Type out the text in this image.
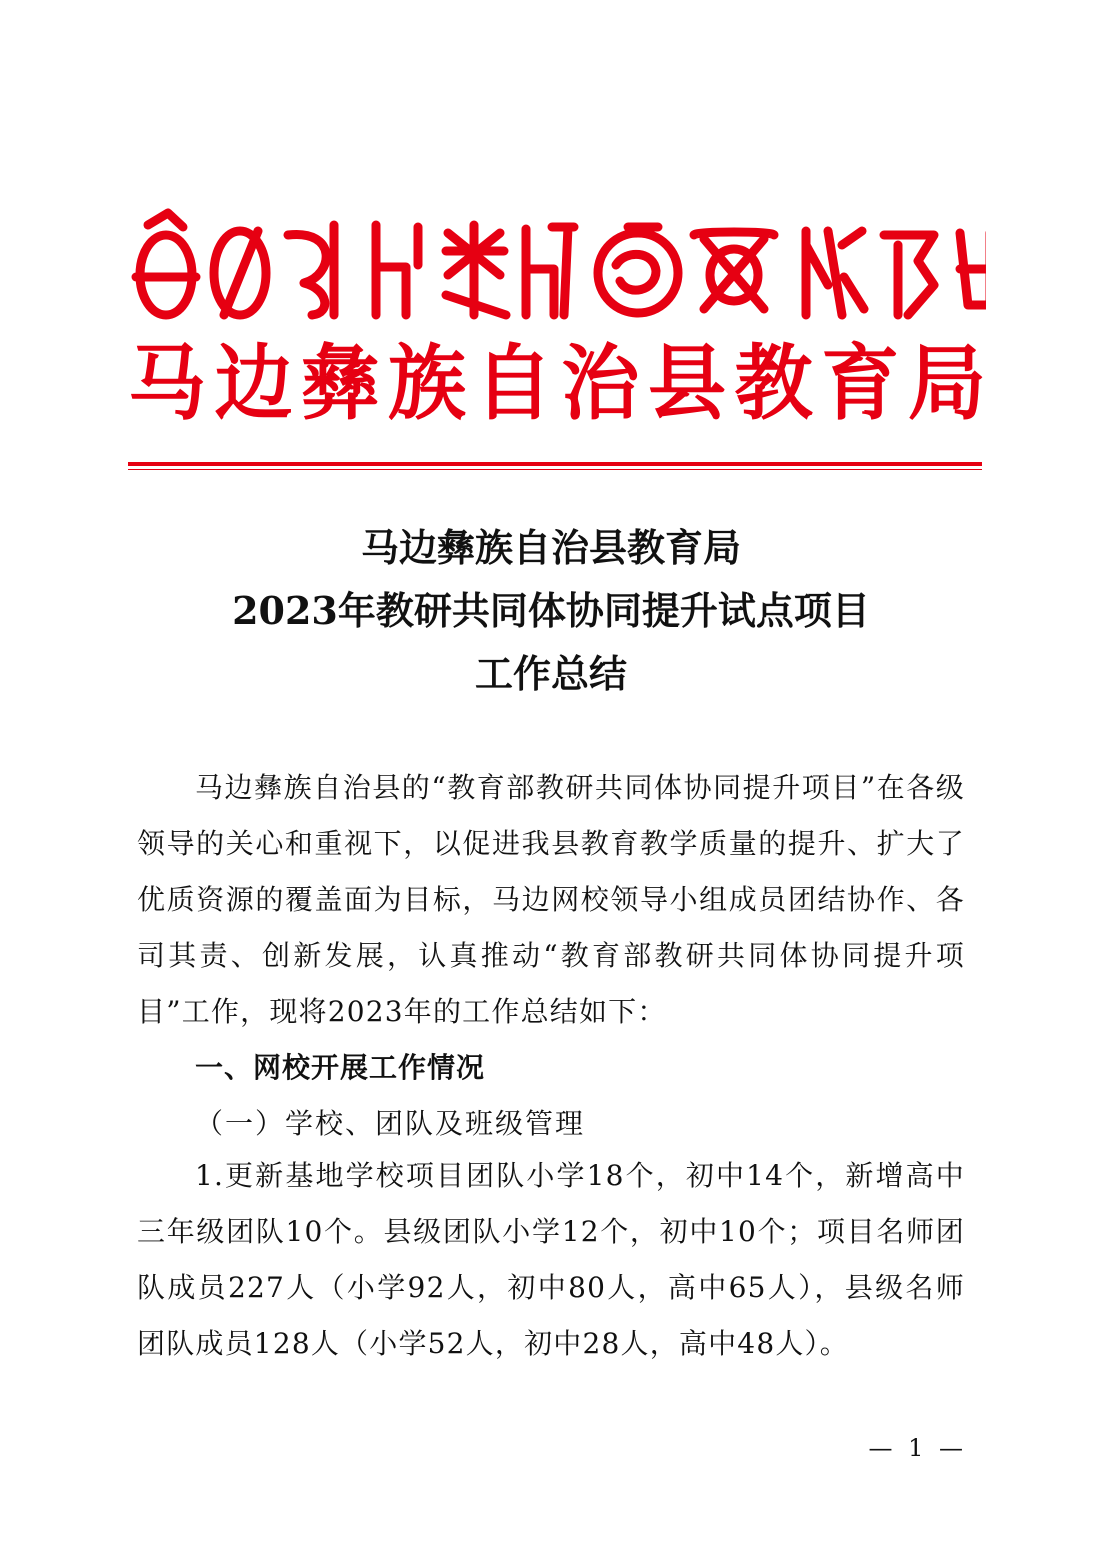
马 边 彝 族 自 治 县 教 育 局
马边彝族自治县教育局
2023年教研共同体协同提升试点项目
工作总结

马边彝族自治县的“教育部教研共同体协同提升项目”在各级领导的关心和重视下，以促进我县教育教学质量的提升、扩大了优质资源的覆盖面为目标，马边网校领导小组成员团结协作、各司其责、创新发展，认真推动“教育部教研共同体协同提升项目”工作，现将2023年的工作总结如下：

一、网校开展工作情况

（一）学校、团队及班级管理

1.更新基地学校项目团队小学18个，初中14个，新增高中三年级团队10个。县级团队小学12个，初中10个；项目名师团队成员227人（小学92人，初中80人，高中65人），县级名师团队成员128人（小学52人，初中28人，高中48人）。

— 1 —
